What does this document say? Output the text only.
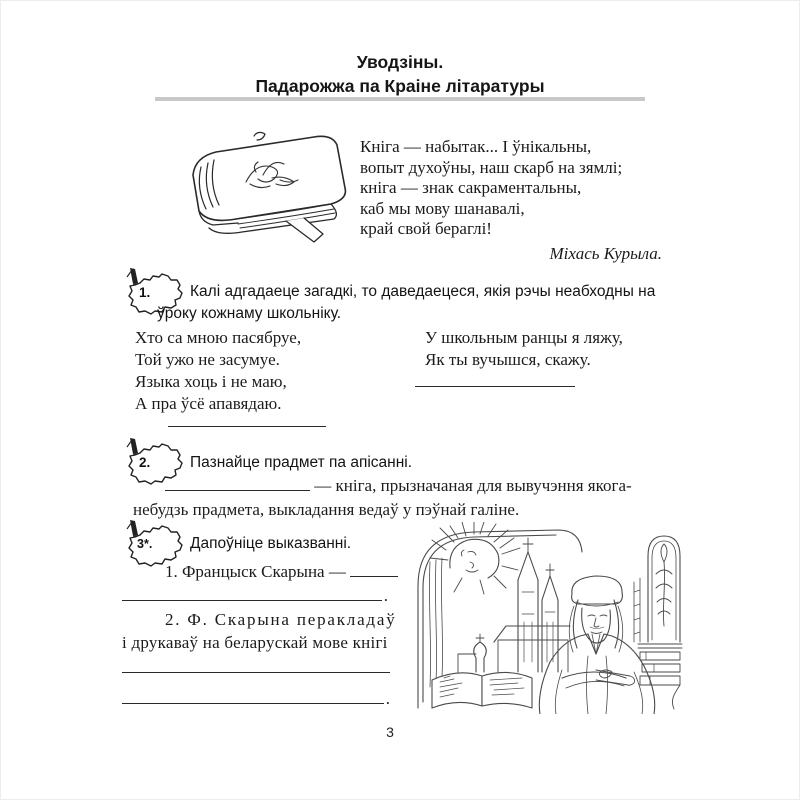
Уводзіны.
Падарожжа па Краіне літаратуры
Кніга — набытак... І ўнікальны,
вопыт духоўны, наш скарб на зямлі;
кніга — знак сакраментальны,
каб мы мову шанавалі,
край свой бераглі!
Міхась Курыла.
1.	Калі адгадаеце загадкі, то даведаецеся, якія рэчы неабходны на
ўроку кожнаму школьніку.
Хто са мною пасябруе,
Той ужо не засумуе.
Языка хоць і не маю,
А пра ўсё апавядаю.
У школьным ранцы я ляжу,
Як ты вучышся, скажу.
2.	Пазнайце прадмет па апісанні.
— кніга, прызначаная для вывучэння якога-
небудзь прадмета, выкладання ведаў у пэўнай галіне.
3*. Дапоўніце выказванні.
1. Францыск Скарына —
.
2. Ф. Скарына перакладаў
і друкаваў на беларускай мове кнігі
.
3
